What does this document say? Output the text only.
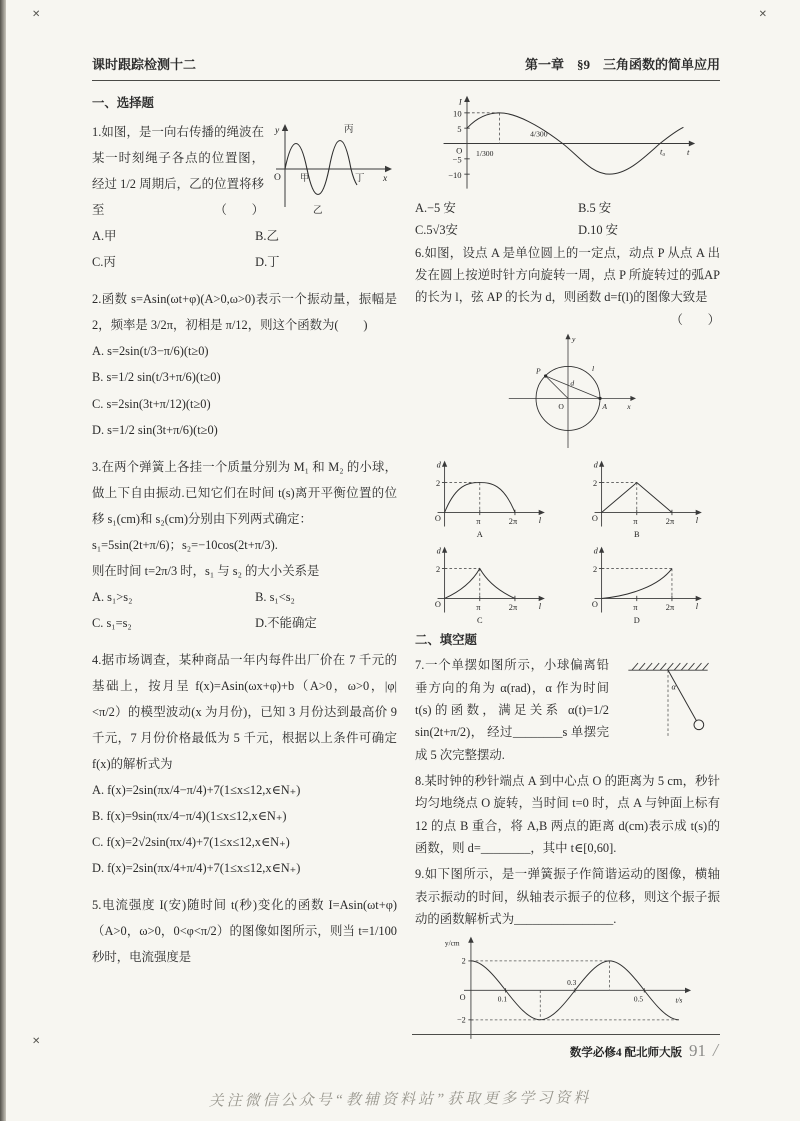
✕	✕
✕
课时跟踪检测十二	第一章　§9　三角函数的简单应用
一、选择题
y
O	x
甲
乙
丙
丁
1.如图，是一向右传播的绳波在某一时刻绳子各点的位置图，经过 1/2 周期后，乙的位置将移至	（　　）
A.甲	B.乙
C.丙	D.丁
2.函数 s=Asin(ωt+φ)(A>0,ω>0)表示一个振动量，振幅是 2，频率是 3/2π，初相是 π/12，则这个函数为(　　)
A. s=2sin(t/3−π/6)(t≥0)
B. s=1/2 sin(t/3+π/6)(t≥0)
C. s=2sin(3t+π/12)(t≥0)
D. s=1/2 sin(3t+π/6)(t≥0)
3.在两个弹簧上各挂一个质量分别为 M₁ 和 M₂ 的小球，做上下自由振动.已知它们在时间 t(s)离开平衡位置的位移 s₁(cm)和 s₂(cm)分别由下列两式确定：
s₁=5sin(2t+π/6)；s₂=−10cos(2t+π/3).
则在时间 t=2π/3 时，s₁ 与 s₂ 的大小关系是
A. s₁>s₂	B. s₁<s₂
C. s₁=s₂	D.不能确定
4.据市场调查，某种商品一年内每件出厂价在 7 千元的基础上，按月呈 f(x)=Asin(ωx+φ)+b（A>0，ω>0，|φ|<π/2）的模型波动(x 为月份)，已知 3 月份达到最高价 9 千元，7 月份价格最低为 5 千元，根据以上条件可确定 f(x)的解析式为
A. f(x)=2sin(πx/4−π/4)+7(1≤x≤12,x∈N₊)
B. f(x)=9sin(πx/4−π/4)(1≤x≤12,x∈N₊)
C. f(x)=2√2sin(πx/4)+7(1≤x≤12,x∈N₊)
D. f(x)=2sin(πx/4+π/4)+7(1≤x≤12,x∈N₊)
5.电流强度 I(安)随时间 t(秒)变化的函数 I=Asin(ωt+φ)（A>0，ω>0，0<φ<π/2）的图像如图所示，则当 t=1/100 秒时，电流强度是
I
10
5
−5
−10
O 1/300
4/300
t₀ t
A.−5 安	B.5 安
C.5√3安	D.10 安
6.如图，设点 A 是单位圆上的一定点，动点 P 从点 A 出发在圆上按逆时针方向旋转一周，点 P 所旋转过的弧AP的长为 l，弦 AP 的长为 d，则函数 d=f(l)的图像大致是
（　　）
y
x
O
P
A
l
d
d
O
2
π	2π l
A
d
O
2
π	2π l
B
d
O
2
π	2π l
C
d
O
2
π	2π l
D
二、填空题
α
7.一个单摆如图所示，小球偏离铅垂方向的角为 α(rad)，α 作为时间 t(s)的函数，满足关系 α(t)=1/2 sin(2t+π/2)， 经过________s 单摆完成 5 次完整摆动.
8.某时钟的秒针端点 A 到中心点 O 的距离为 5 cm，秒针均匀地绕点 O 旋转，当时间 t=0 时，点 A 与钟面上标有 12 的点 B 重合，将 A,B 两点的距离 d(cm)表示成 t(s)的函数，则 d=________，其中 t∈[0,60].
9.如下图所示，是一弹簧振子作简谐运动的图像，横轴表示振动的时间，纵轴表示振子的位移，则这个振子振动的函数解析式为________________.
y/cm
2
−2
O	0.1
0.3
0.5	t/s
数学必修4 配北师大版 91 /
关注微信公众号“教辅资料站”获取更多学习资料
